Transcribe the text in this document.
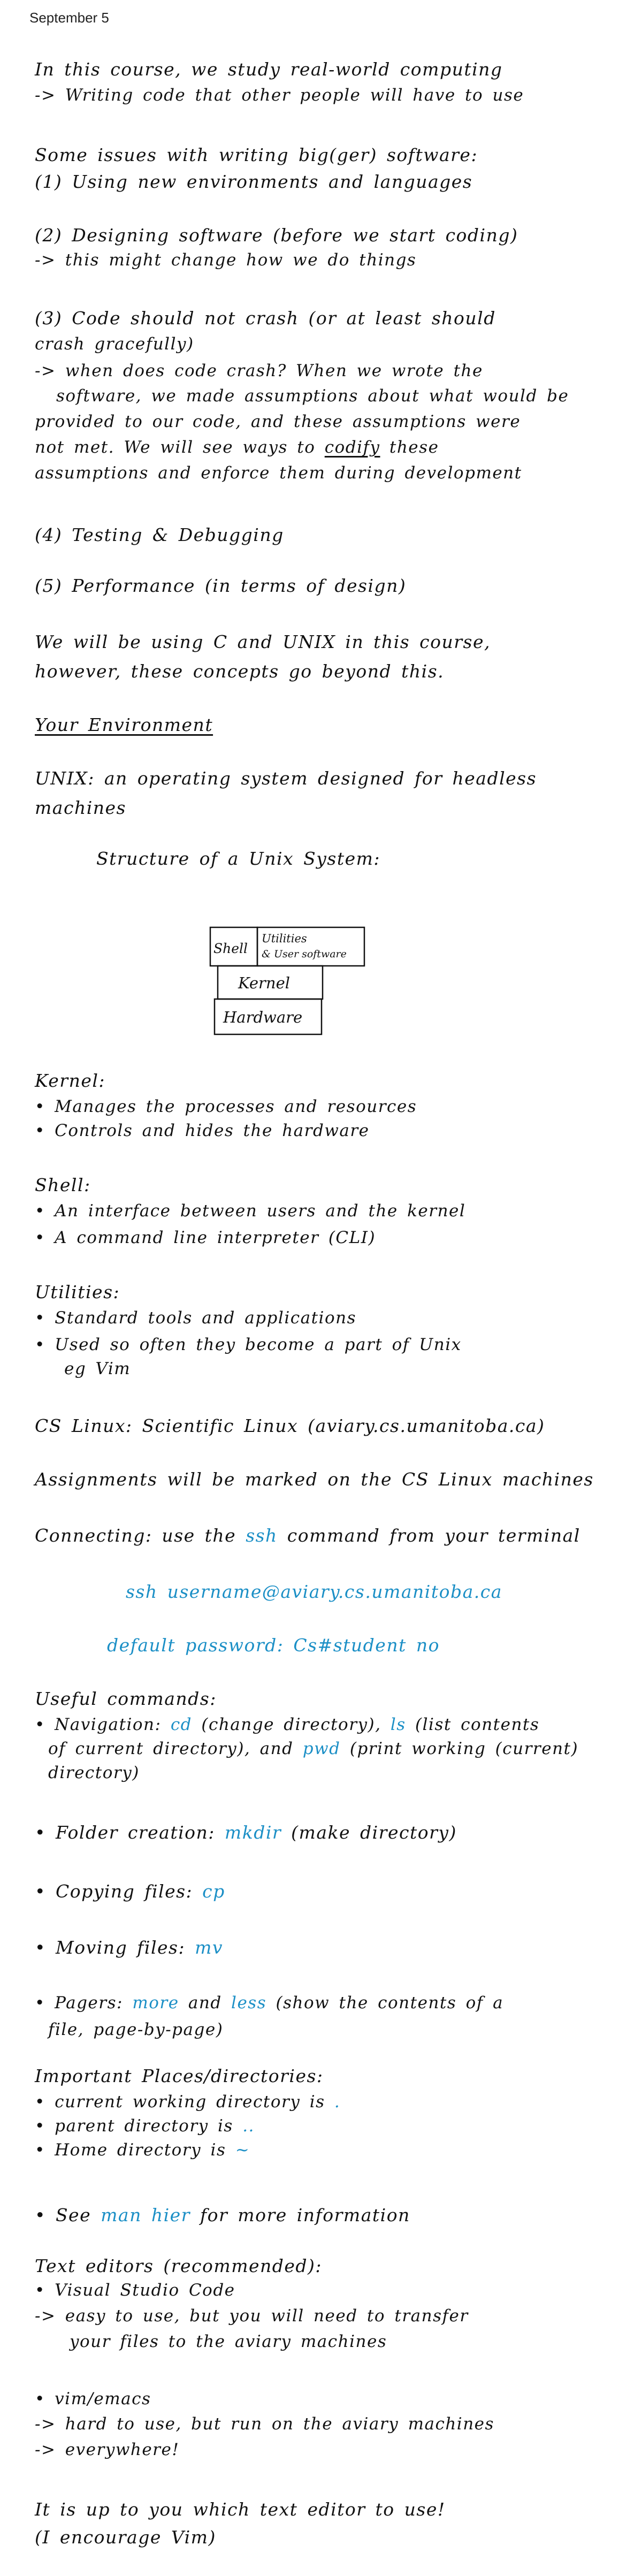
September 5
In this course, we study real-world computing
-> Writing code that other people will have to use
Some issues with writing big(ger) software:
(1) Using new environments and languages
(2) Designing software (before we start coding)
-> this might change how we do things
(3) Code should not crash (or at least should
crash gracefully)
-> when does code crash? When we wrote the
software, we made assumptions about what would be
provided to our code, and these assumptions were
not met. We will see ways to codify these
assumptions and enforce them during development
(4) Testing & Debugging
(5) Performance (in terms of design)
We will be using C and UNIX in this course,
however, these concepts go beyond this.
Your Environment
UNIX: an operating system designed for headless
machines
Structure of a Unix System:
Shell
Utilities
& User software
Kernel
Hardware
Kernel:
• Manages the processes and resources
• Controls and hides the hardware
Shell:
• An interface between users and the kernel
• A command line interpreter (CLI)
Utilities:
• Standard tools and applications
• Used so often they become a part of Unix
eg Vim
CS Linux: Scientific Linux (aviary.cs.umanitoba.ca)
Assignments will be marked on the CS Linux machines
Connecting: use the ssh command from your terminal
ssh username@aviary.cs.umanitoba.ca
default password: Cs#student no
Useful commands:
• Navigation: cd (change directory), ls (list contents
of current directory), and pwd (print working (current)
directory)
• Folder creation: mkdir (make directory)
• Copying files: cp
• Moving files: mv
• Pagers: more and less (show the contents of a
file, page-by-page)
Important Places/directories:
• current working directory is .
• parent directory is ..
• Home directory is ~
• See man hier for more information
Text editors (recommended):
• Visual Studio Code
-> easy to use, but you will need to transfer
your files to the aviary machines
• vim/emacs
-> hard to use, but run on the aviary machines
-> everywhere!
It is up to you which text editor to use!
(I encourage Vim)
